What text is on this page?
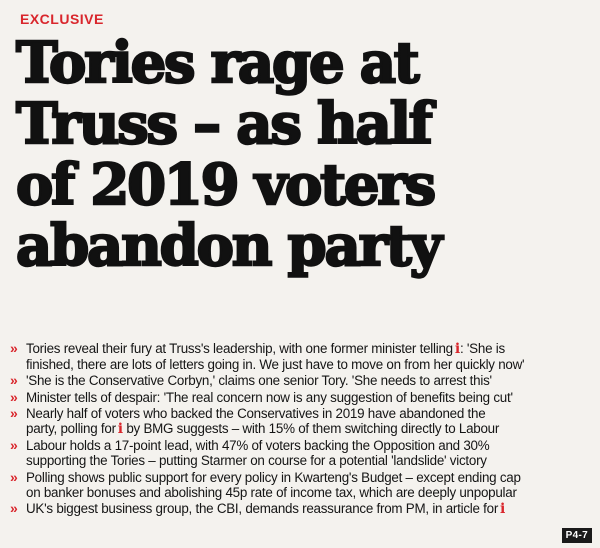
EXCLUSIVE
Tories rage at
Truss – as half
of 2019 voters
abandon party
» Tories reveal their fury at Truss's leadership, with one former minister telling i: 'She is
finished, there are lots of letters going in. We just have to move on from her quickly now'
» 'She is the Conservative Corbyn,' claims one senior Tory. 'She needs to arrest this'
» Minister tells of despair: 'The real concern now is any suggestion of benefits being cut'
» Nearly half of voters who backed the Conservatives in 2019 have abandoned the
party, polling for i by BMG suggests – with 15% of them switching directly to Labour
» Labour holds a 17-point lead, with 47% of voters backing the Opposition and 30%
supporting the Tories – putting Starmer on course for a potential 'landslide' victory
» Polling shows public support for every policy in Kwarteng's Budget – except ending cap
on banker bonuses and abolishing 45p rate of income tax, which are deeply unpopular
» UK's biggest business group, the CBI, demands reassurance from PM, in article for i
P4-7
